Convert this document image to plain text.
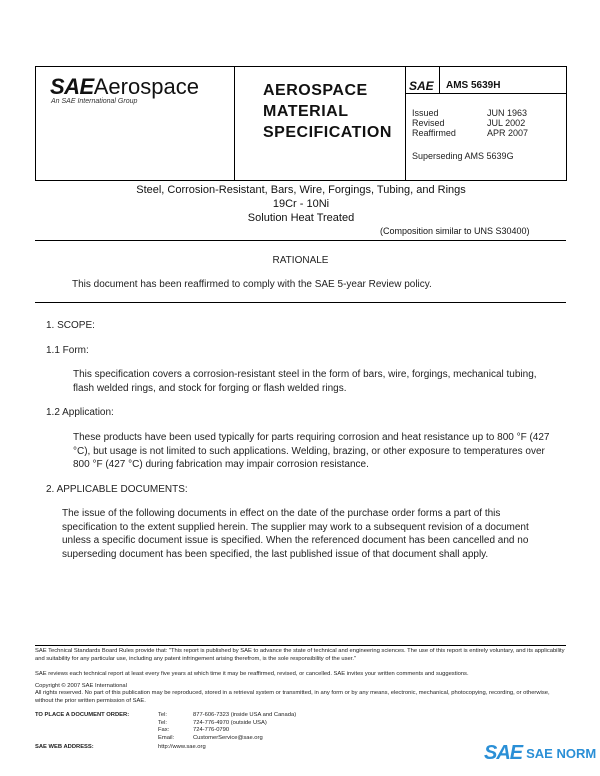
SAEAerospace
An SAE International Group
AEROSPACE
MATERIAL
SPECIFICATION
SAE AMS 5639H
Issued	JUN 1963
Revised	JUL 2002
Reaffirmed	APR 2007
Superseding AMS 5639G
Steel, Corrosion-Resistant, Bars, Wire, Forgings, Tubing, and Rings
19Cr - 10Ni
Solution Heat Treated
(Composition similar to UNS S30400)
RATIONALE
This document has been reaffirmed to comply with the SAE 5-year Review policy.
1. SCOPE:
1.1 Form:
This specification covers a corrosion-resistant steel in the form of bars, wire, forgings, mechanical tubing, flash welded rings, and stock for forging or flash welded rings.
1.2 Application:
These products have been used typically for parts requiring corrosion and heat resistance up to 800 °F (427 °C), but usage is not limited to such applications. Welding, brazing, or other exposure to temperatures over 800 °F (427 °C) during fabrication may impair corrosion resistance.
2. APPLICABLE DOCUMENTS:
The issue of the following documents in effect on the date of the purchase order forms a part of this specification to the extent supplied herein. The supplier may work to a subsequent revision of a document unless a specific document issue is specified. When the referenced document has been cancelled and no superseding document has been specified, the last published issue of that document shall apply.
SAE Technical Standards Board Rules provide that: "This report is published by SAE to advance the state of technical and engineering sciences. The use of this report is entirely voluntary, and its applicability and suitability for any particular use, including any patent infringement arising therefrom, is the sole responsibility of the user."
SAE reviews each technical report at least every five years at which time it may be reaffirmed, revised, or cancelled. SAE invites your written comments and suggestions.
Copyright © 2007 SAE International
All rights reserved. No part of this publication may be reproduced, stored in a retrieval system or transmitted, in any form or by any means, electronic, mechanical, photocopying, recording, or otherwise, without the prior written permission of SAE.
TO PLACE A DOCUMENT ORDER:	Tel:	877-606-7323 (inside USA and Canada)
Tel:	724-776-4970 (outside USA)
Fax:	724-776-0790
Email:	CustomerService@sae.org
SAE WEB ADDRESS:	http://www.sae.org	SAE SAE NORM
